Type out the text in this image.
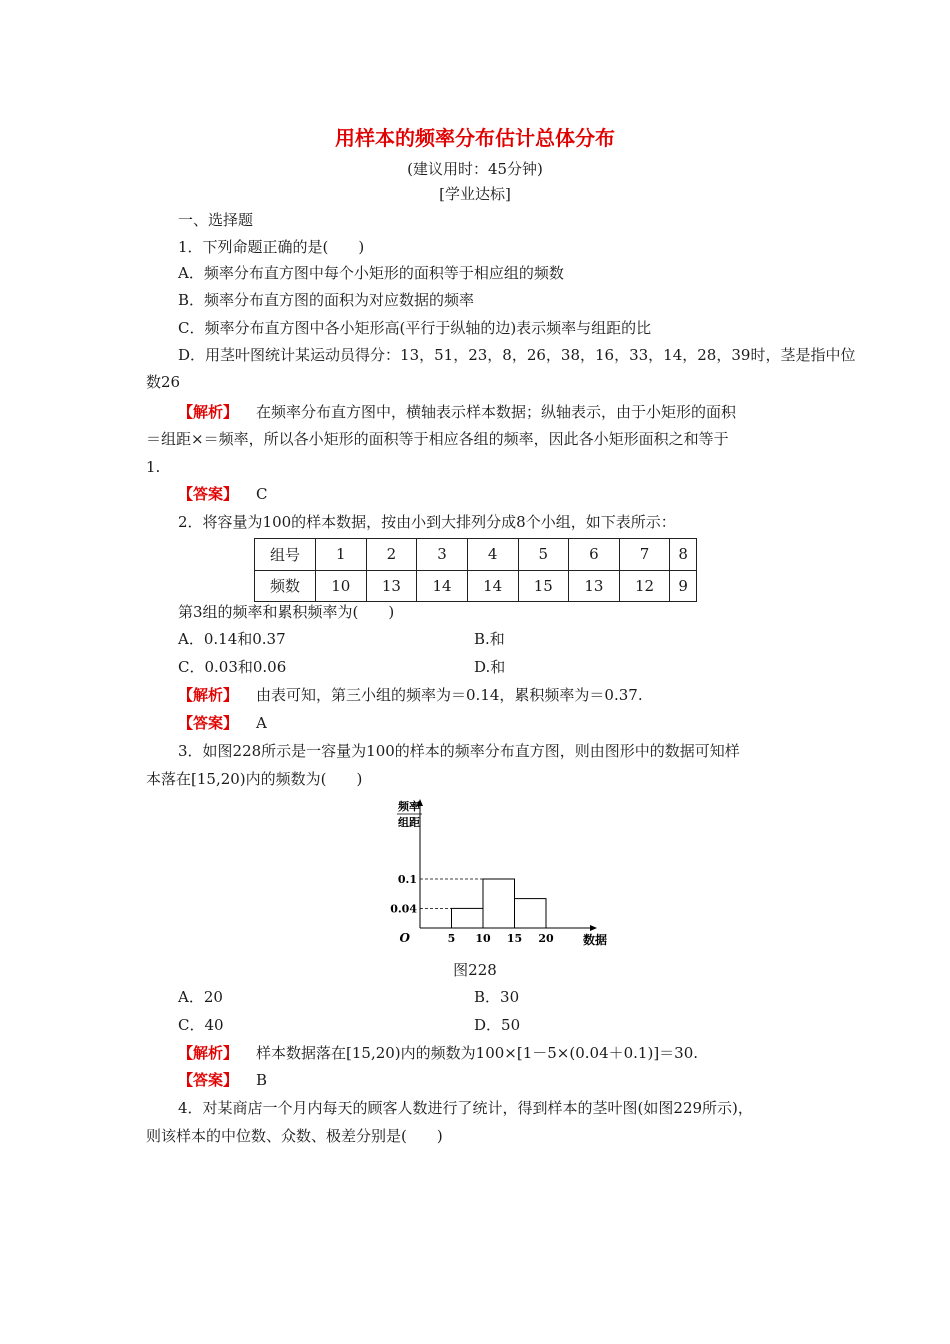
用样本的频率分布估计总体分布
(建议用时：45分钟)
[学业达标]
一、选择题
1．下列命题正确的是(　　)
A．频率分布直方图中每个小矩形的面积等于相应组的频数
B．频率分布直方图的面积为对应数据的频率
C．频率分布直方图中各小矩形高(平行于纵轴的边)表示频率与组距的比
D．用茎叶图统计某运动员得分：13，51，23，8，26，38，16，33，14，28，39时，茎是指中位
数26
【解析】 在频率分布直方图中，横轴表示样本数据；纵轴表示，由于小矩形的面积
＝组距×＝频率，所以各小矩形的面积等于相应各组的频率，因此各小矩形面积之和等于
1.
【答案】 C
2．将容量为100的样本数据，按由小到大排列分成8个小组，如下表所示：
组号	1	2	3	4	5	6	7	8
频数	10	13	14	14	15	13	12	9
第3组的频率和累积频率为(　　)
A．0.14和0.37	B.和
C．0.03和0.06	D.和
【解析】 由表可知，第三小组的频率为＝0.14，累积频率为＝0.37.
【答案】 A
3．如图228所示是一容量为100的样本的频率分布直方图，则由图形中的数据可知样
本落在[15,20)内的频数为(　　)
0.04
0.1
5 10 15 20
O	数据
频率
组距
图228
A．20	B．30
C．40	D．50
【解析】 样本数据落在[15,20)内的频数为100×[1－5×(0.04＋0.1)]＝30.
【答案】 B
4．对某商店一个月内每天的顾客人数进行了统计，得到样本的茎叶图(如图229所示)，
则该样本的中位数、众数、极差分别是(　　)
